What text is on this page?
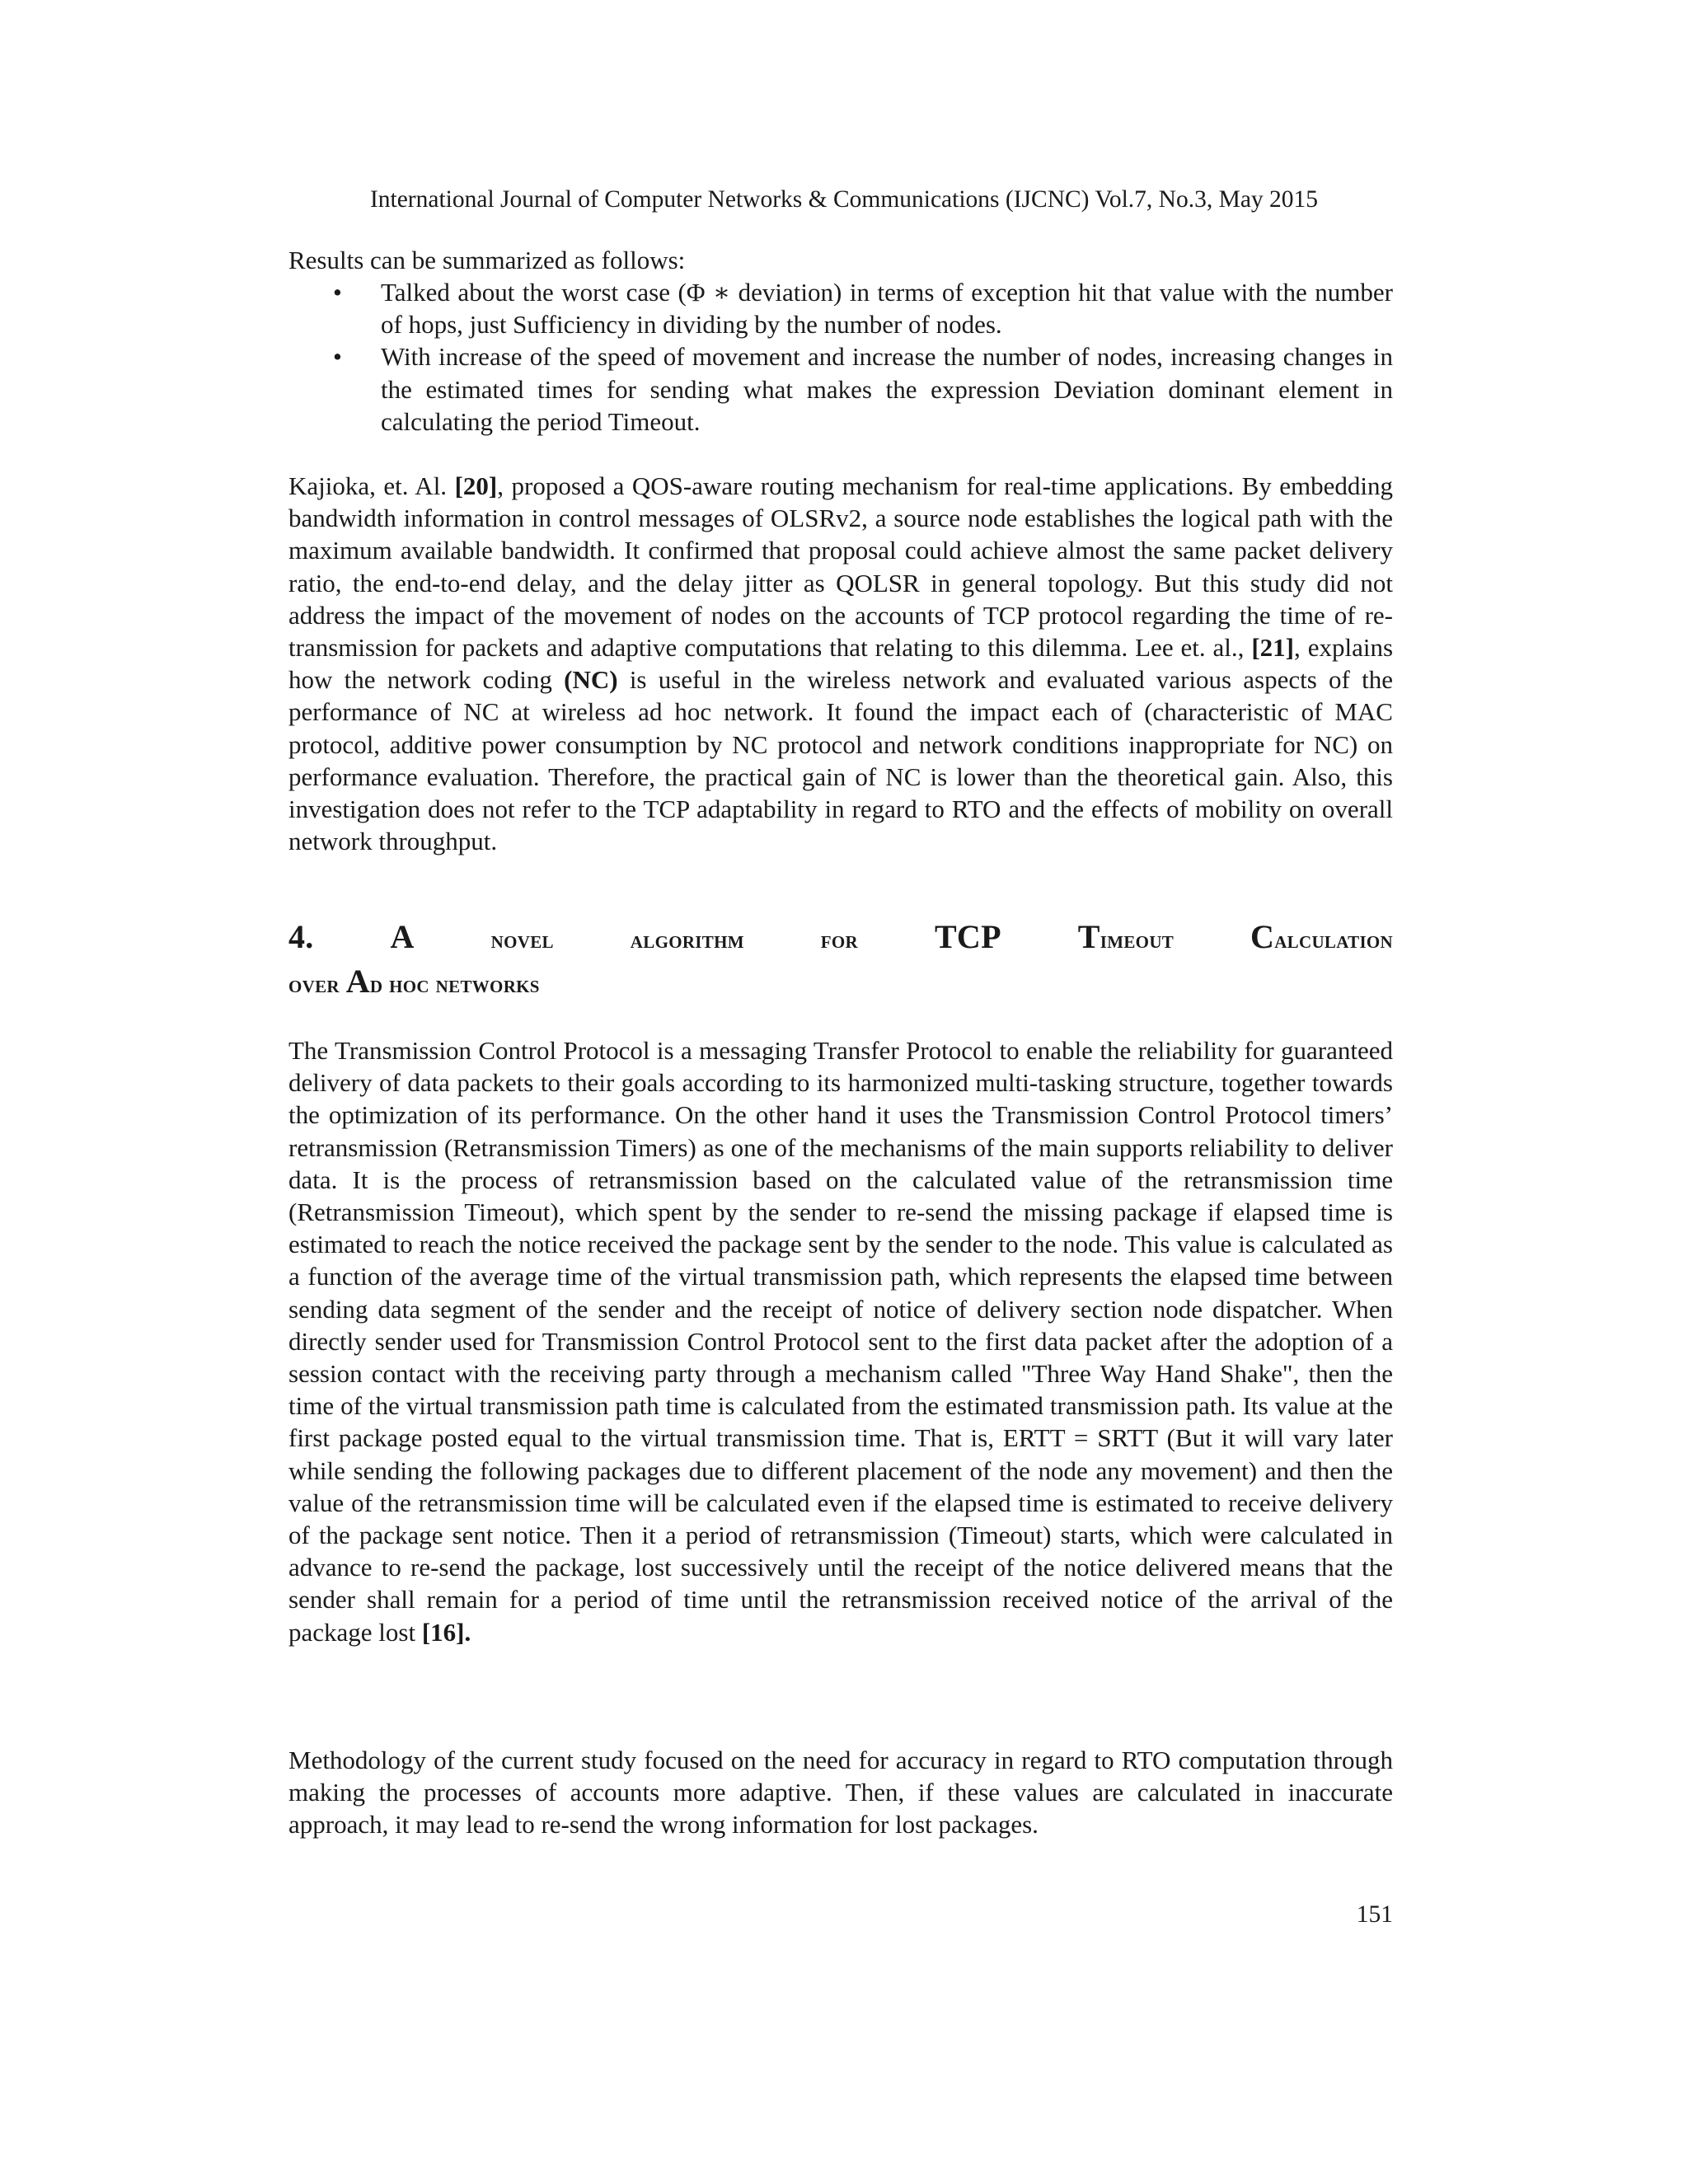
International Journal of Computer Networks & Communications (IJCNC) Vol.7, No.3, May 2015

Results can be summarized as follows:

• Talked about the worst case (Φ ∗ deviation) in terms of exception hit that value with the number of hops, just Sufficiency in dividing by the number of nodes.
• With increase of the speed of movement and increase the number of nodes, increasing changes in the estimated times for sending what makes the expression Deviation dominant element in calculating the period Timeout.

Kajioka, et. Al. [20], proposed a QOS-aware routing mechanism for real-time applications. By embedding bandwidth information in control messages of OLSRv2, a source node establishes the logical path with the maximum available bandwidth. It confirmed that proposal could achieve almost the same packet delivery ratio, the end-to-end delay, and the delay jitter as QOLSR in general topology. But this study did not address the impact of the movement of nodes on the accounts of TCP protocol regarding the time of re-transmission for packets and adaptive computations that relating to this dilemma. Lee et. al., [21], explains how the network coding (NC) is useful in the wireless network and evaluated various aspects of the performance of NC at wireless ad hoc network. It found the impact each of (characteristic of MAC protocol, additive power consumption by NC protocol and network conditions inappropriate for NC) on performance evaluation. Therefore, the practical gain of NC is lower than the theoretical gain. Also, this investigation does not refer to the TCP adaptability in regard to RTO and the effects of mobility on overall network throughput.

4. A	novel	algorithm	for TCP Timeout Calculation
over Ad hoc networks

The Transmission Control Protocol is a messaging Transfer Protocol to enable the reliability for guaranteed delivery of data packets to their goals according to its harmonized multi-tasking structure, together towards the optimization of its performance. On the other hand it uses the Transmission Control Protocol timers’ retransmission (Retransmission Timers) as one of the mechanisms of the main supports reliability to deliver data. It is the process of retransmission based on the calculated value of the retransmission time (Retransmission Timeout), which spent by the sender to re-send the missing package if elapsed time is estimated to reach the notice received the package sent by the sender to the node. This value is calculated as a function of the average time of the virtual transmission path, which represents the elapsed time between sending data segment of the sender and the receipt of notice of delivery section node dispatcher. When directly sender used for Transmission Control Protocol sent to the first data packet after the adoption of a session contact with the receiving party through a mechanism called "Three Way Hand Shake", then the time of the virtual transmission path time is calculated from the estimated transmission path. Its value at the first package posted equal to the virtual transmission time. That is, ERTT = SRTT (But it will vary later while sending the following packages due to different placement of the node any movement) and then the value of the retransmission time will be calculated even if the elapsed time is estimated to receive delivery of the package sent notice. Then it a period of retransmission (Timeout) starts, which were calculated in advance to re-send the package, lost successively until the receipt of the notice delivered means that the sender shall remain for a period of time until the retransmission received notice of the arrival of the package lost [16].

Methodology of the current study focused on the need for accuracy in regard to RTO computation through making the processes of accounts more adaptive. Then, if these values are calculated in inaccurate approach, it may lead to re-send the wrong information for lost packages.

151
